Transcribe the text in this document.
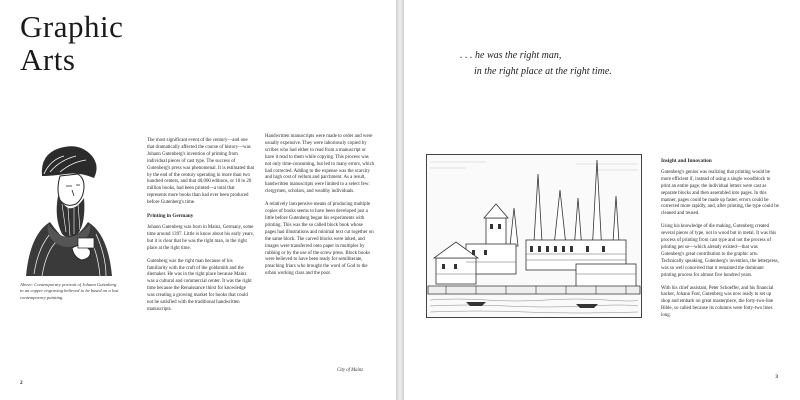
Graphic
Arts
Above: Contemporary portrait of Johann Gutenberg in an copper engraving believed to be based on a lost contemporary painting.

The most significant event of the century—and one that dramatically affected the course of history—was Johann Gutenberg's invention of printing from individual pieces of cast type. The success of Gutenberg's press was phenomenal. It is estimated that by the end of the century operating in more than two hundred centers, and that 40,000 editions, or 10 to 20 million books, had been printed—a total that represents more books than had ever been produced before Gutenberg's time.

Printing in Germany

Johann Gutenberg was born in Mainz, Germany, some time around 1397. Little is know about his early years, but it is clear that he was the right man, in the right place at the right time.

Gutenberg was the right man because of his familiarity with the craft of the goldsmith and the diemaker. He was in the right place because Mainz was a cultural and commercial center. It was the right time because the Renaissance thirst for knowledge was creating a growing market for books that could not be satisfied with the traditional handwritten manuscripts.

Handwritten manuscripts were made to order and were usually expensive. They were laboriously copied by scribes who had either to read from a manuscript or have it read to them while copying. This process was not only time-consuming, but led to many errors, which had corrected. Adding to the expense was the scarcity and high cost of vellum and parchment. As a result, handwritten manuscripts were limited to a select few: clergymen, scholars, and wealthy individuals.

A relatively inexpensive means of producing multiple copies of books seems to have been developed just a little before Gutenberg began his experiments with printing. This was the so called block book whose pages had illustrations and minimal text cut together on the same block. The carved blocks were inked, and images were transferred onto paper in multiples by rubbing or by the use of the screw press. Block books were believed to have been ready for semiliterate, preaching friars who brought the word of God to the urban working class and the poor.

City of Mainz
2
. . . he was the right man,
in the right place at the right time.
Insight and Innovation

Gutenberg's genius was realizing that printing would be more efficient if, instead of using a single woodblock to print an entire page, the individual letters were cast as separate blocks and then assembled into pages. In this manner, pages could be made up faster, errors could be corrected more rapidly, and, after printing, the type could be cleaned and reused.

Using his knowledge of die making, Gutenberg created several pieces of type, not in wood but in metal. It was this process of printing from cast type and not the process of printing per se—which already existed—that was Gutenberg's great contribution to the graphic arts. Technically speaking, Gutenberg's invention, the letterpress, was so well conceived that it remained the dominant printing process for almost five hundred years.

With his chief assistant, Peter Schoeffer, and his financial backer, Johann Fust, Gutenberg was now ready to set up shop and embark on great masterpiece, the forty-two-line Bible, so called because its columns were forty-two lines long.

3
